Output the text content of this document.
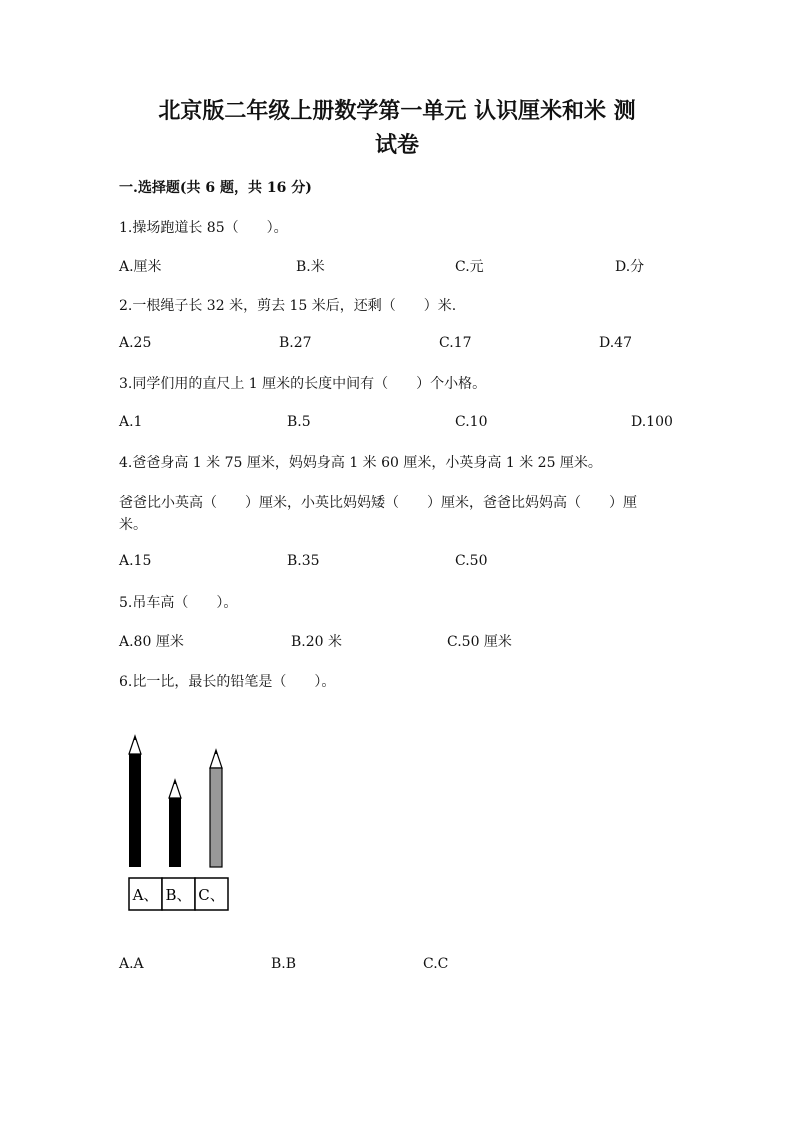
北京版二年级上册数学第一单元 认识厘米和米 测
试卷
一.选择题(共 6 题，共 16 分)
1.操场跑道长 85（　　）。
A.厘米	B.米	C.元	D.分
2.一根绳子长 32 米，剪去 15 米后，还剩（　　）米.
A.25	B.27	C.17	D.47
3.同学们用的直尺上 1 厘米的长度中间有（　　）个小格。
A.1	B.5	C.10	D.100
4.爸爸身高 1 米 75 厘米，妈妈身高 1 米 60 厘米，小英身高 1 米 25 厘米。
爸爸比小英高（　　）厘米，小英比妈妈矮（　　）厘米，爸爸比妈妈高（　　）厘米。
A.15	B.35	C.50
5.吊车高（　　）。
A.80 厘米	B.20 米	C.50 厘米
6.比一比，最长的铅笔是（　　）。
A、 B、 C、
A.A	B.B	C.C
